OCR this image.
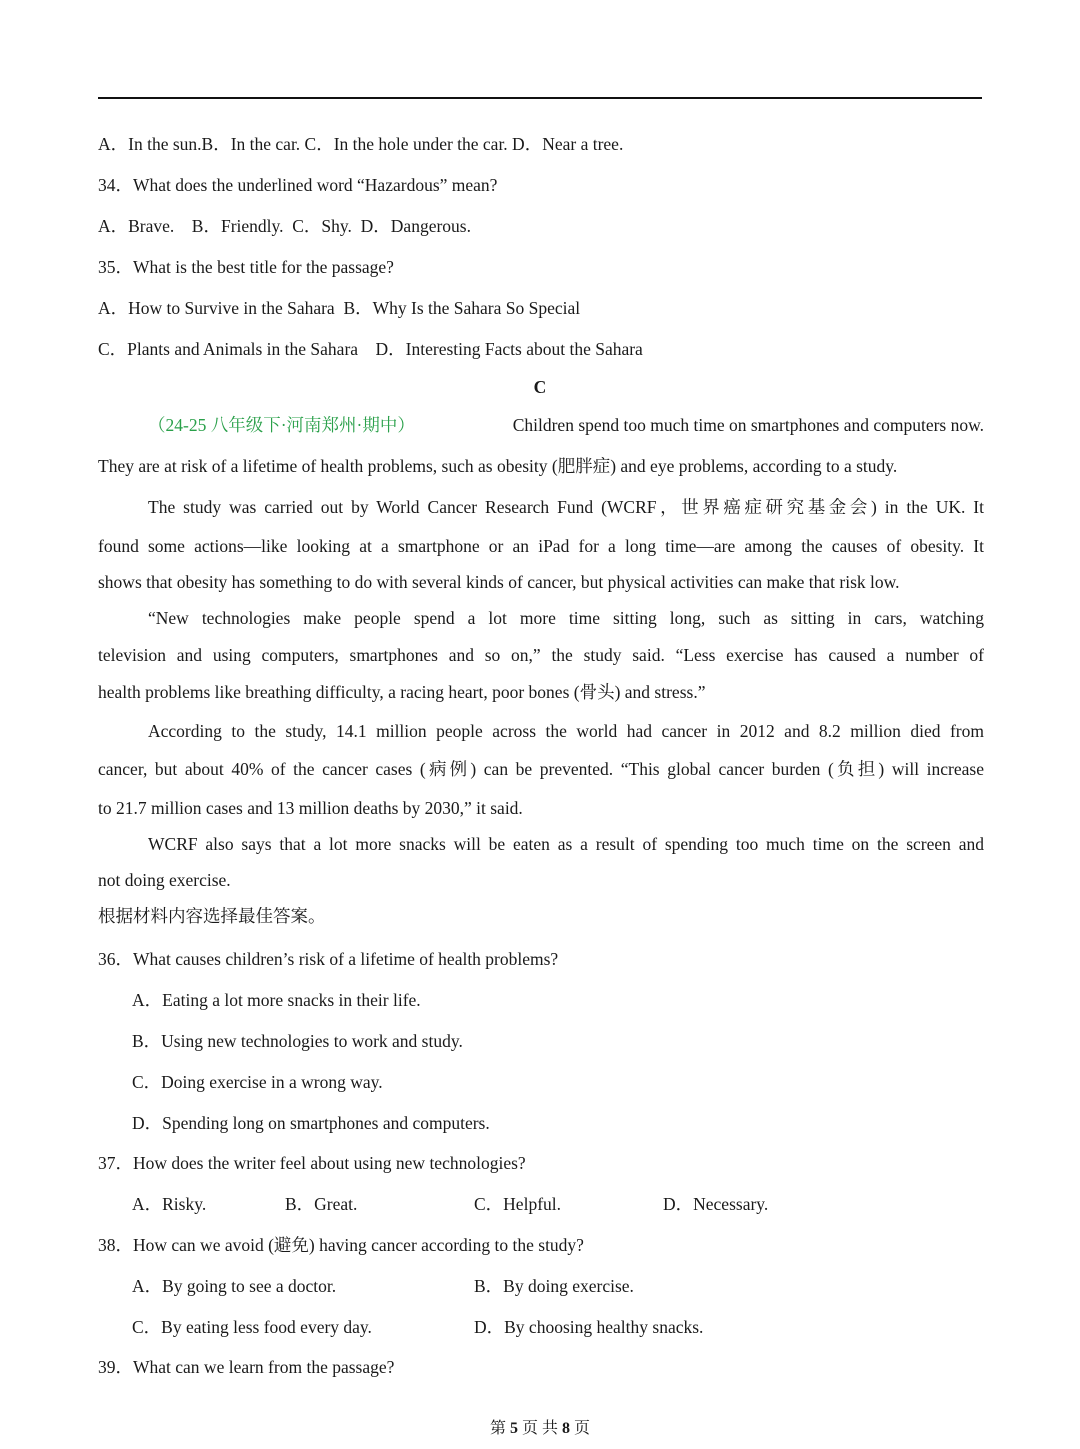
A．In the sun.B．In the car. C．In the hole under the car. D．Near a tree.
34．What does the underlined word “Hazardous” mean?
A．Brave.    B．Friendly.  C．Shy.  D．Dangerous.
35．What is the best title for the passage?
A．How to Survive in the Sahara  B．Why Is the Sahara So Special
C．Plants and Animals in the Sahara    D．Interesting Facts about the Sahara
C
（24-25 八年级下·河南郑州·期中）	Children spend too much time on smartphones and computers now.
They are at risk of a lifetime of health problems, such as obesity (肥胖症) and eye problems, according to a study.
The study was carried out by World Cancer Research Fund (WCRF，世界癌症研究基金会) in the UK. It
found some actions—like looking at a smartphone or an iPad for a long time—are among the causes of obesity. It
shows that obesity has something to do with several kinds of cancer, but physical activities can make that risk low.
“New technologies make people spend a lot more time sitting long, such as sitting in cars, watching
television and using computers, smartphones and so on,” the study said. “Less exercise has caused a number of
health problems like breathing difficulty, a racing heart, poor bones (骨头) and stress.”
According to the study, 14.1 million people across the world had cancer in 2012 and 8.2 million died from
cancer, but about 40% of the cancer cases (病例) can be prevented. “This global cancer burden (负担) will increase
to 21.7 million cases and 13 million deaths by 2030,” it said.
WCRF also says that a lot more snacks will be eaten as a result of spending too much time on the screen and
not doing exercise.
根据材料内容选择最佳答案。
36．What causes children’s risk of a lifetime of health problems?
A．Eating a lot more snacks in their life.
B．Using new technologies to work and study.
C．Doing exercise in a wrong way.
D．Spending long on smartphones and computers.
37．How does the writer feel about using new technologies?
A．Risky.	B．Great.	C．Helpful.	D．Necessary.
38．How can we avoid (避免) having cancer according to the study?
A．By going to see a doctor.	B．By doing exercise.
C．By eating less food every day.	D．By choosing healthy snacks.
39．What can we learn from the passage?
第 5 页 共 8 页
